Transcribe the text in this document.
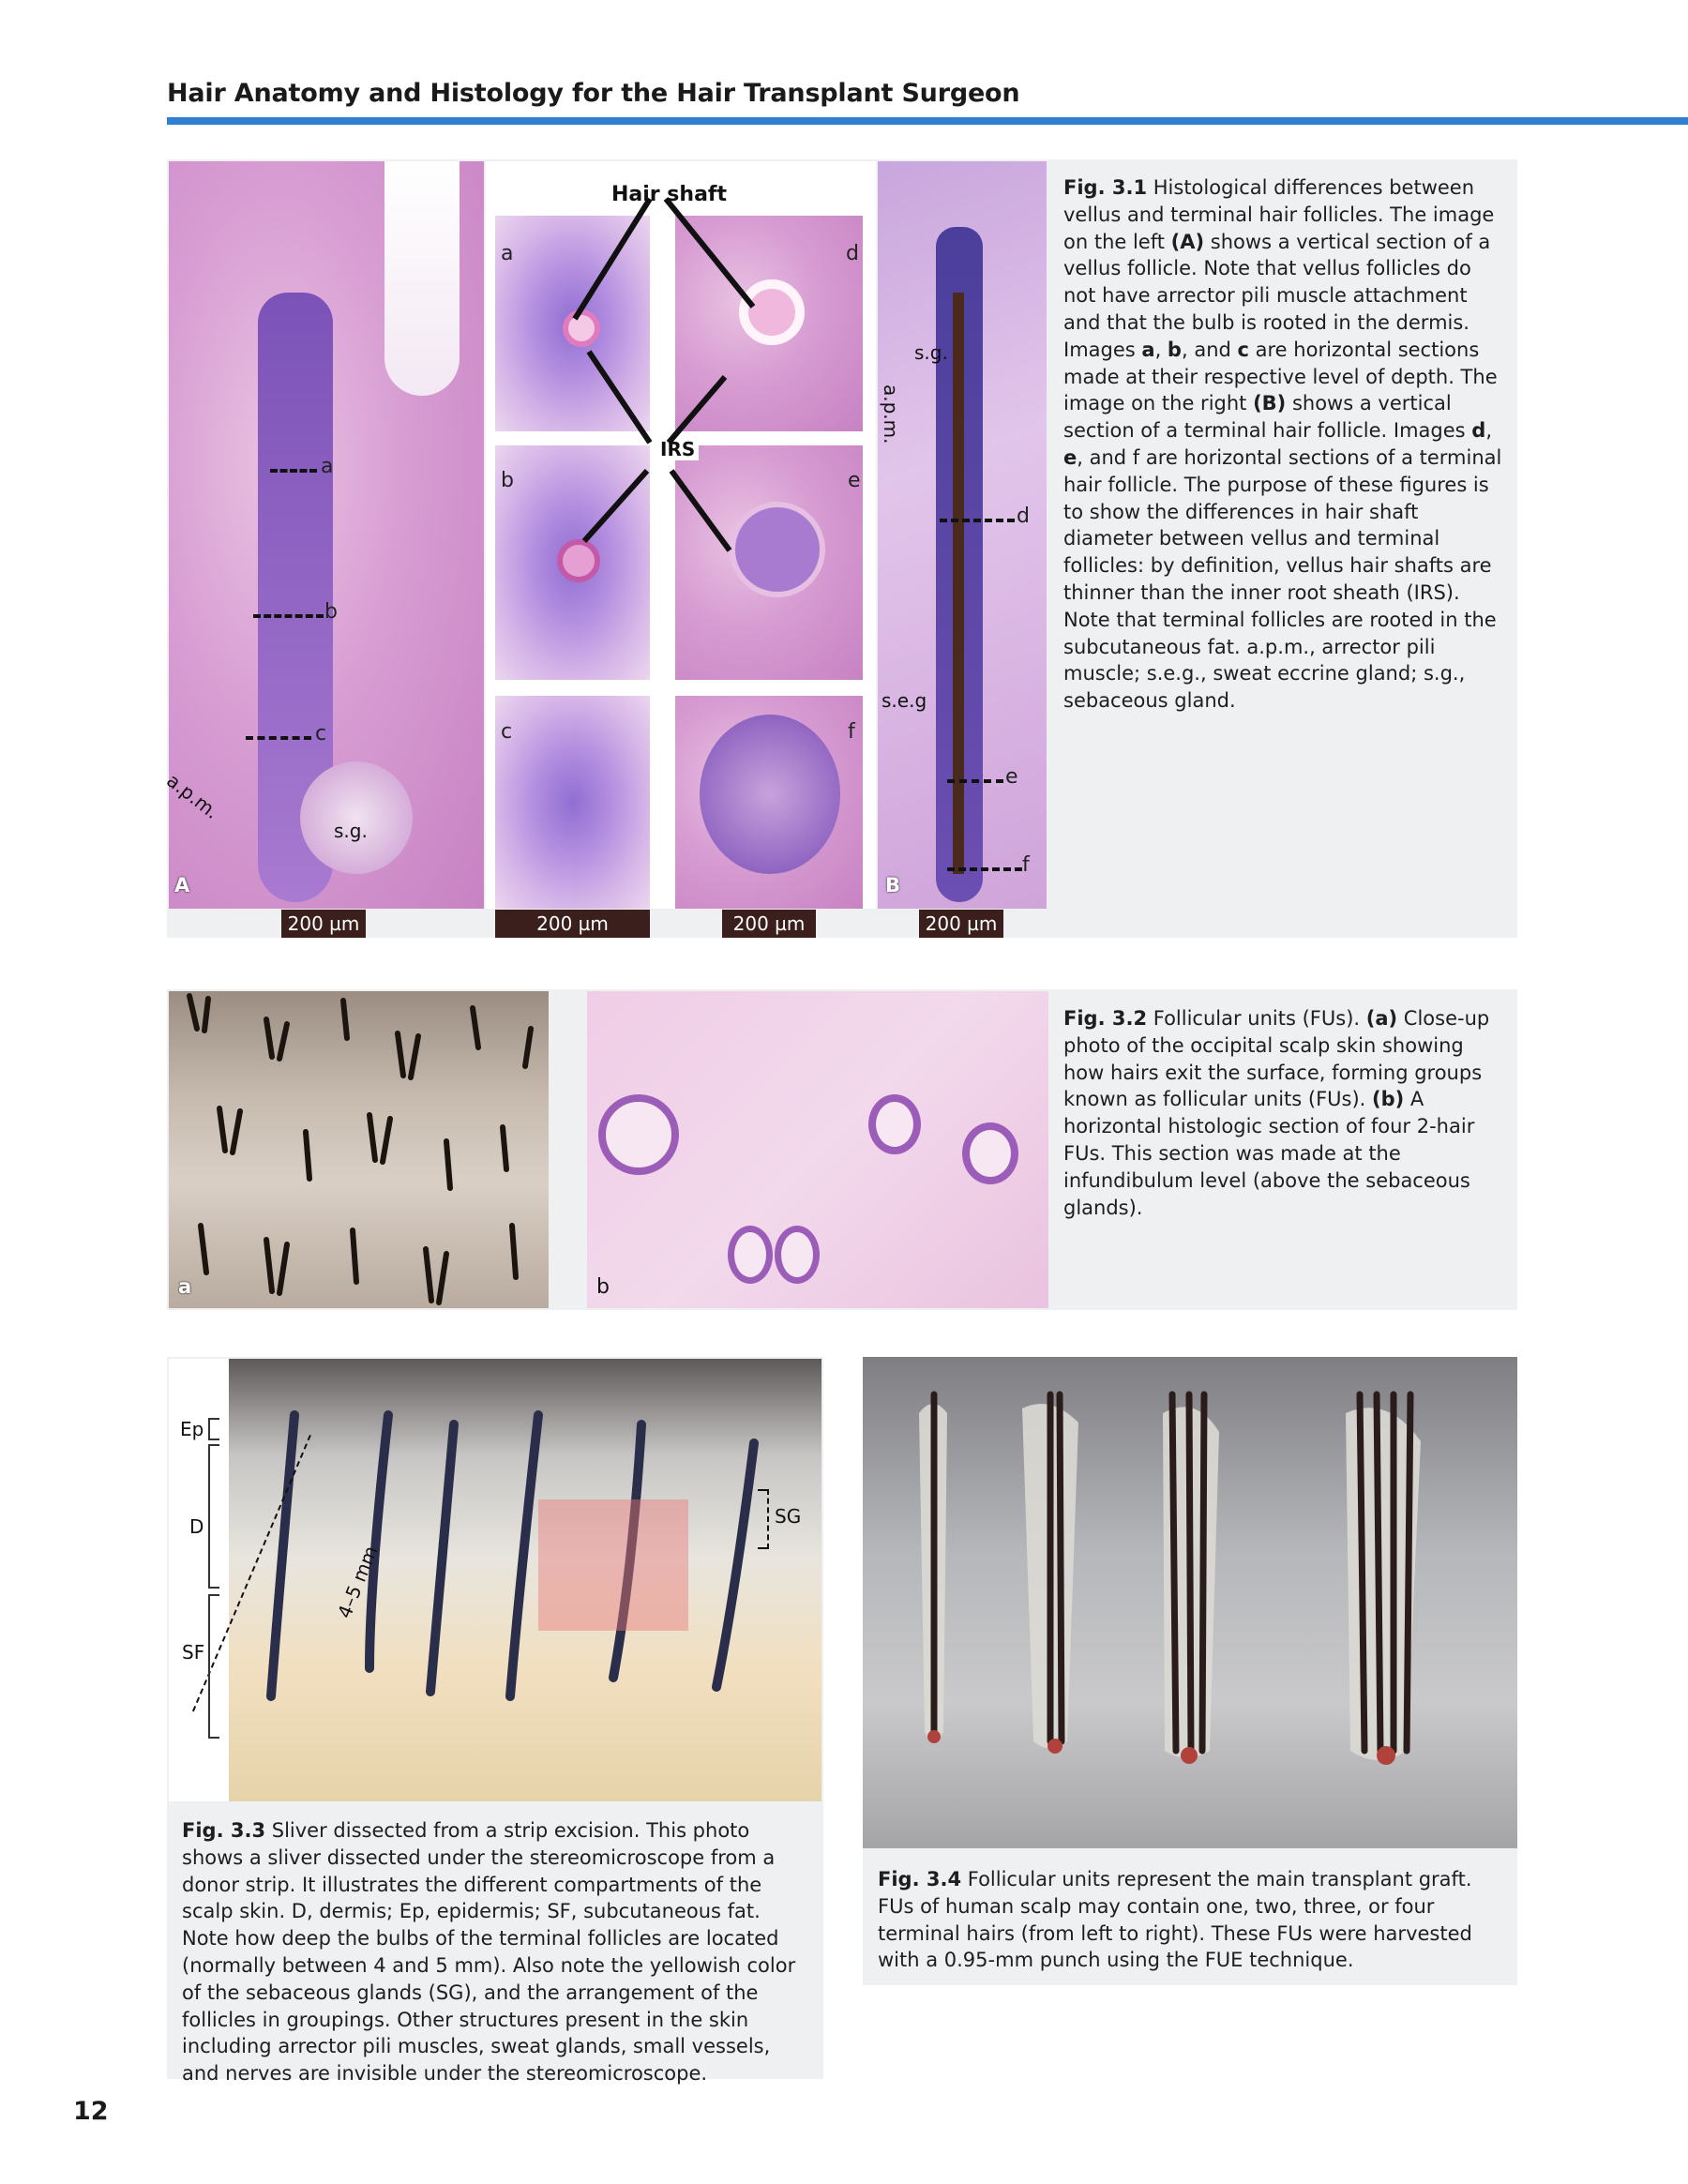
Hair Anatomy and Histology for the Hair Transplant Surgeon
a
b
c
a.p.m.
s.g.
A
Hair shaft
IRS
a
b
c
d
e
f
d
e
f
s.g.
a.p.m.
s.e.g
B
200 µm	200 µm	200 µm	200 µm
Fig. 3.1 Histological differences between vellus and terminal hair follicles. The image on the left (A) shows a vertical section of a vellus follicle. Note that vellus follicles do not have arrector pili muscle attachment and that the bulb is rooted in the dermis. Images a, b, and c are horizontal sections made at their respective level of depth. The image on the right (B) shows a vertical section of a terminal hair follicle. Images d, e, and f are horizontal sections of a terminal hair follicle. The purpose of these figures is to show the differences in hair shaft diameter between vellus and terminal follicles: by definition, vellus hair shafts are thinner than the inner root sheath (IRS). Note that terminal follicles are rooted in the subcutaneous fat. a.p.m., arrector pili muscle; s.e.g., sweat eccrine gland; s.g., sebaceous gland.
a	b
Fig. 3.2 Follicular units (FUs). (a) Close-up photo of the occipital scalp skin showing how hairs exit the surface, forming groups known as follicular units (FUs). (b) A horizontal histologic section of four 2-hair FUs. This section was made at the infundibulum level (above the sebaceous glands).
4–5 mm
Ep
D
SF
SG
Fig. 3.3 Sliver dissected from a strip excision. This photo shows a sliver dissected under the stereomicroscope from a donor strip. It illustrates the different compartments of the scalp skin. D, dermis; Ep, epidermis; SF, subcutaneous fat. Note how deep the bulbs of the terminal follicles are located (normally between 4 and 5 mm). Also note the yellowish color of the sebaceous glands (SG), and the arrangement of the follicles in groupings. Other structures present in the skin including arrector pili muscles, sweat glands, small vessels, and nerves are invisible under the stereomicroscope.
Fig. 3.4 Follicular units represent the main transplant graft. FUs of human scalp may contain one, two, three, or four terminal hairs (from left to right). These FUs were harvested with a 0.95-mm punch using the FUE technique.
12
